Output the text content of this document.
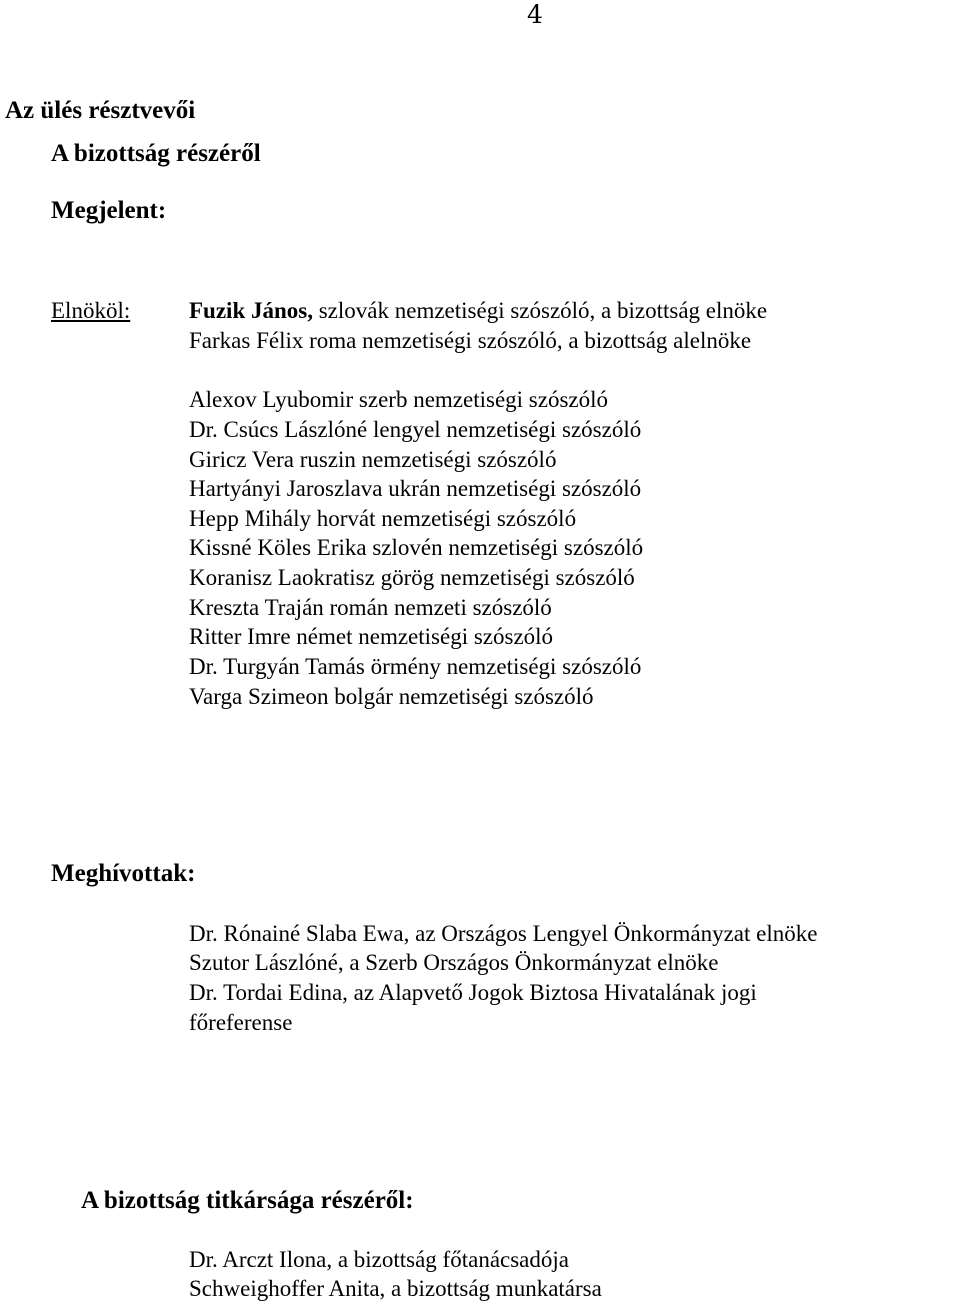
4
Az ülés résztvevői
A bizottság részéről
Megjelent:
Elnököl:	Fuzik János, szlovák nemzetiségi szószóló, a bizottság elnöke
Farkas Félix roma nemzetiségi szószóló, a bizottság alelnöke
Alexov Lyubomir szerb nemzetiségi szószóló
Dr. Csúcs Lászlóné lengyel nemzetiségi szószóló
Giricz Vera ruszin nemzetiségi szószóló
Hartyányi Jaroszlava ukrán nemzetiségi szószóló
Hepp Mihály horvát nemzetiségi szószóló
Kissné Köles Erika szlovén nemzetiségi szószóló
Koranisz Laokratisz görög nemzetiségi szószóló
Kreszta Traján román nemzeti szószóló
Ritter Imre német nemzetiségi szószóló
Dr. Turgyán Tamás örmény nemzetiségi szószóló
Varga Szimeon bolgár nemzetiségi szószóló
Meghívottak:
Dr. Rónainé Slaba Ewa, az Országos Lengyel Önkormányzat elnöke
Szutor Lászlóné, a Szerb Országos Önkormányzat elnöke
Dr. Tordai Edina, az Alapvető Jogok Biztosa Hivatalának jogi
főreferense
A bizottság titkársága részéről:
Dr. Arczt Ilona, a bizottság főtanácsadója
Schweighoffer Anita, a bizottság munkatársa
